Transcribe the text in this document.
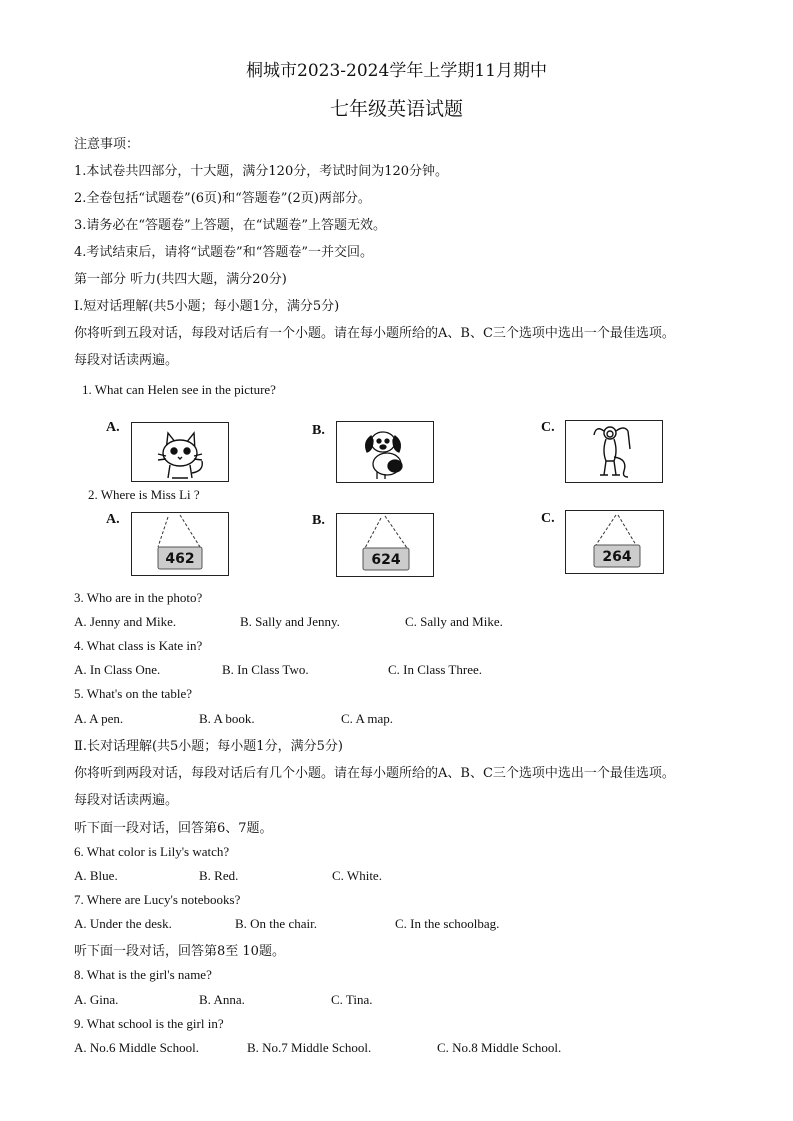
桐城市2023-2024学年上学期11月期中
七年级英语试题
注意事项：
1.本试卷共四部分，十大题，满分120分，考试时间为120分钟。
2.全卷包括“试题卷”(6页)和“答题卷”(2页)两部分。
3.请务必在“答题卷”上答题，在“试题卷”上答题无效。
4.考试结束后，请将“试题卷”和“答题卷”一并交回。
第一部分 听力(共四大题，满分20分)
Ⅰ.短对话理解(共5小题；每小题1分，满分5分)
你将听到五段对话，每段对话后有一个小题。请在每小题所给的A、B、C三个选项中选出一个最佳选项。
每段对话读两遍。
1. What can Helen see in the picture?
A.	B.	C.
2. Where is Miss Li ?
A.
462
B.
624
C.
264
3. Who are in the photo?
A. Jenny and Mike.	B. Sally and Jenny.	C. Sally and Mike.
4. What class is Kate in?
A. In Class One.	B. In Class Two.	C. In Class Three.
5. What's on the table?
A. A pen.	B. A book.	C. A map.
Ⅱ.长对话理解(共5小题；每小题1分，满分5分)
你将听到两段对话，每段对话后有几个小题。请在每小题所给的A、B、C三个选项中选出一个最佳选项。
每段对话读两遍。
听下面一段对话，回答第6、7题。
6. What color is Lily's watch?
A. Blue.	B. Red.	C. White.
7. Where are Lucy's notebooks?
A. Under the desk.	B. On the chair.	C. In the schoolbag.
听下面一段对话，回答第8至 10题。
8. What is the girl's name?
A. Gina.	B. Anna.	C. Tina.
9. What school is the girl in?
A. No.6 Middle School.	B. No.7 Middle School.	C. No.8 Middle School.
